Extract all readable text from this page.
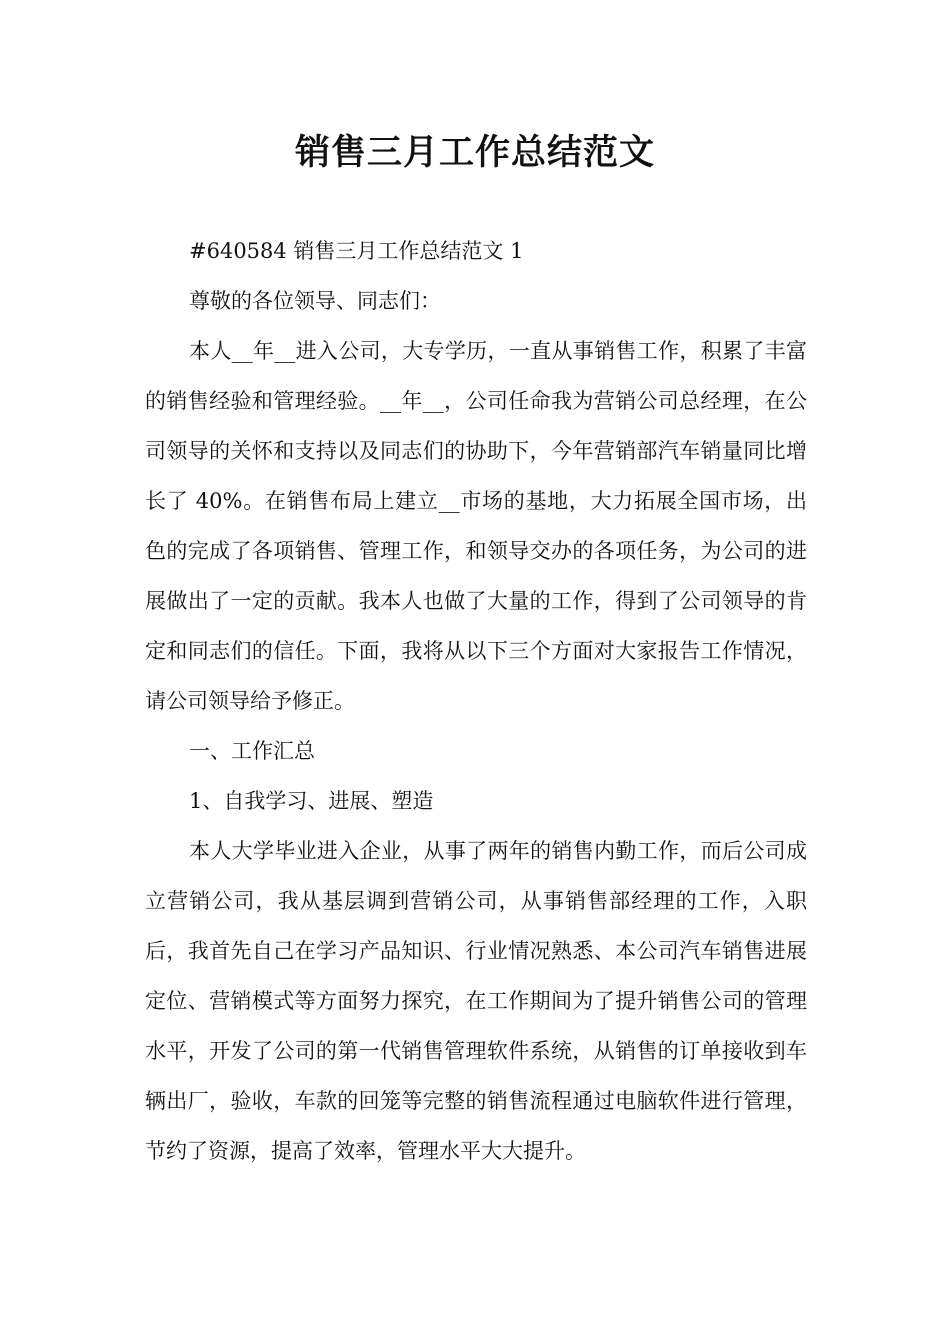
销售三月工作总结范文

#640584 销售三月工作总结范文 1

尊敬的各位领导、同志们：

本人__年__进入公司，大专学历，一直从事销售工作，积累了丰富的销售经验和管理经验。__年__，公司任命我为营销公司总经理，在公司领导的关怀和支持以及同志们的协助下，今年营销部汽车销量同比增长了 40%。在销售布局上建立__市场的基地，大力拓展全国市场，出色的完成了各项销售、管理工作，和领导交办的各项任务，为公司的进展做出了一定的贡献。我本人也做了大量的工作，得到了公司领导的肯定和同志们的信任。下面，我将从以下三个方面对大家报告工作情况，请公司领导给予修正。

一、工作汇总

1、自我学习、进展、塑造

本人大学毕业进入企业，从事了两年的销售内勤工作，而后公司成立营销公司，我从基层调到营销公司，从事销售部经理的工作，入职后，我首先自己在学习产品知识、行业情况熟悉、本公司汽车销售进展定位、营销模式等方面努力探究，在工作期间为了提升销售公司的管理水平，开发了公司的第一代销售管理软件系统，从销售的订单接收到车辆出厂，验收，车款的回笼等完整的销售流程通过电脑软件进行管理，节约了资源，提高了效率，管理水平大大提升。
